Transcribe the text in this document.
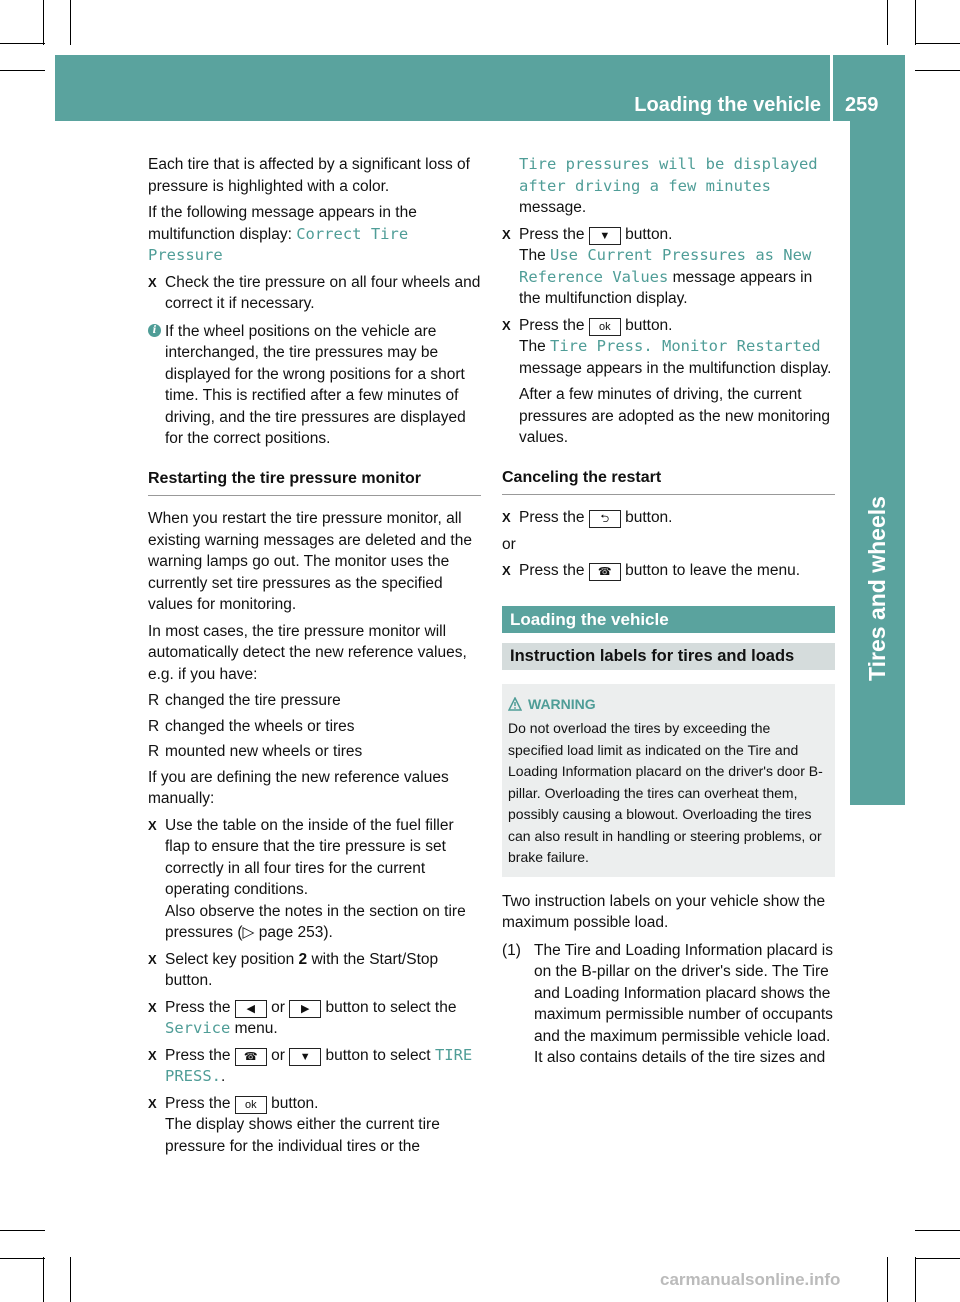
Loading the vehicle 259
Tires and wheels

Each tire that is affected by a significant loss of pressure is highlighted with a color.

If the following message appears in the multifunction display: Correct Tire Pressure

X Check the tire pressure on all four wheels and correct it if necessary.
i If the wheel positions on the vehicle are interchanged, the tire pressures may be displayed for the wrong positions for a short time. This is rectified after a few minutes of driving, and the tire pressures are displayed for the correct positions.
Restarting the tire pressure monitor

When you restart the tire pressure monitor, all existing warning messages are deleted and the warning lamps go out. The monitor uses the currently set tire pressures as the specified values for monitoring.

In most cases, the tire pressure monitor will automatically detect the new reference values, e.g. if you have:

R changed the tire pressure
R changed the wheels or tires
R mounted new wheels or tires

If you are defining the new reference values manually:

X Use the table on the inside of the fuel filler flap to ensure that the tire pressure is set correctly in all four tires for the current operating conditions.
Also observe the notes in the section on tire pressures (▷ page 253).
X Select key position 2 with the Start/Stop button.
X Press the ◀ or ▶ button to select the Service menu.
X Press the ☎ or ▼ button to select TIRE PRESS..
X Press the ok button.
The display shows either the current tire pressure for the individual tires or the
Tire pressures will be displayed after driving a few minutes
message.
X Press the ▼ button.
The Use Current Pressures as New Reference Values message appears in the multifunction display.
X Press the ok button.
The Tire Press. Monitor Restarted message appears in the multifunction display.
After a few minutes of driving, the current pressures are adopted as the new monitoring values.
Canceling the restart
X Press the ⮌ button.

or

X Press the ☎ button to leave the menu.
Loading the vehicle
Instruction labels for tires and loads
WARNING
Do not overload the tires by exceeding the specified load limit as indicated on the Tire and Loading Information placard on the driver's door B-pillar. Overloading the tires can overheat them, possibly causing a blowout. Overloading the tires can also result in handling or steering problems, or brake failure.

Two instruction labels on your vehicle show the maximum possible load.

(1) The Tire and Loading Information placard is on the B-pillar on the driver's side. The Tire and Loading Information placard shows the maximum permissible number of occupants and the maximum permissible vehicle load. It also contains details of the tire sizes and
carmanualsonline.info
